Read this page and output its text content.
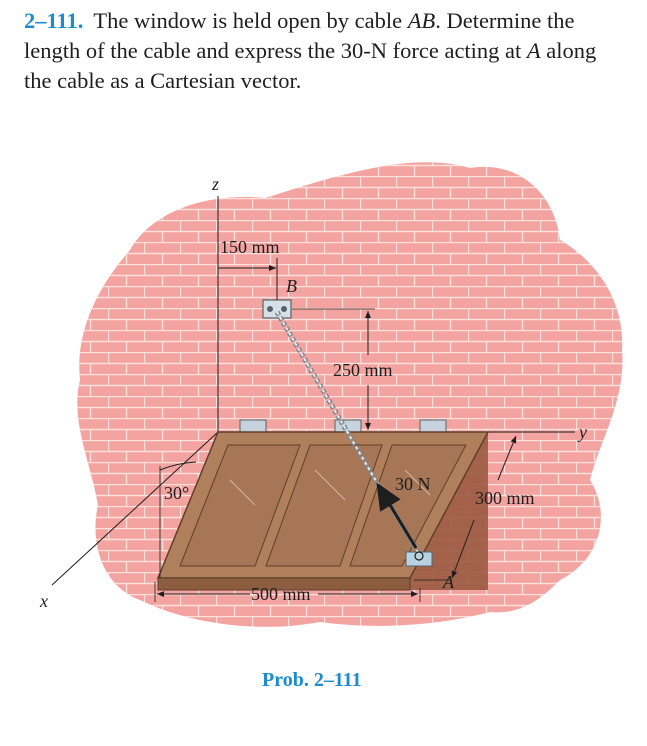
2–111. The window is held open by cable AB. Determine the length of the cable and express the 30-N force acting at A along the cable as a Cartesian vector.
z
y
x
150 mm
B
250 mm
30 N
30°	300 mm
500 mm
A
Prob. 2–111
